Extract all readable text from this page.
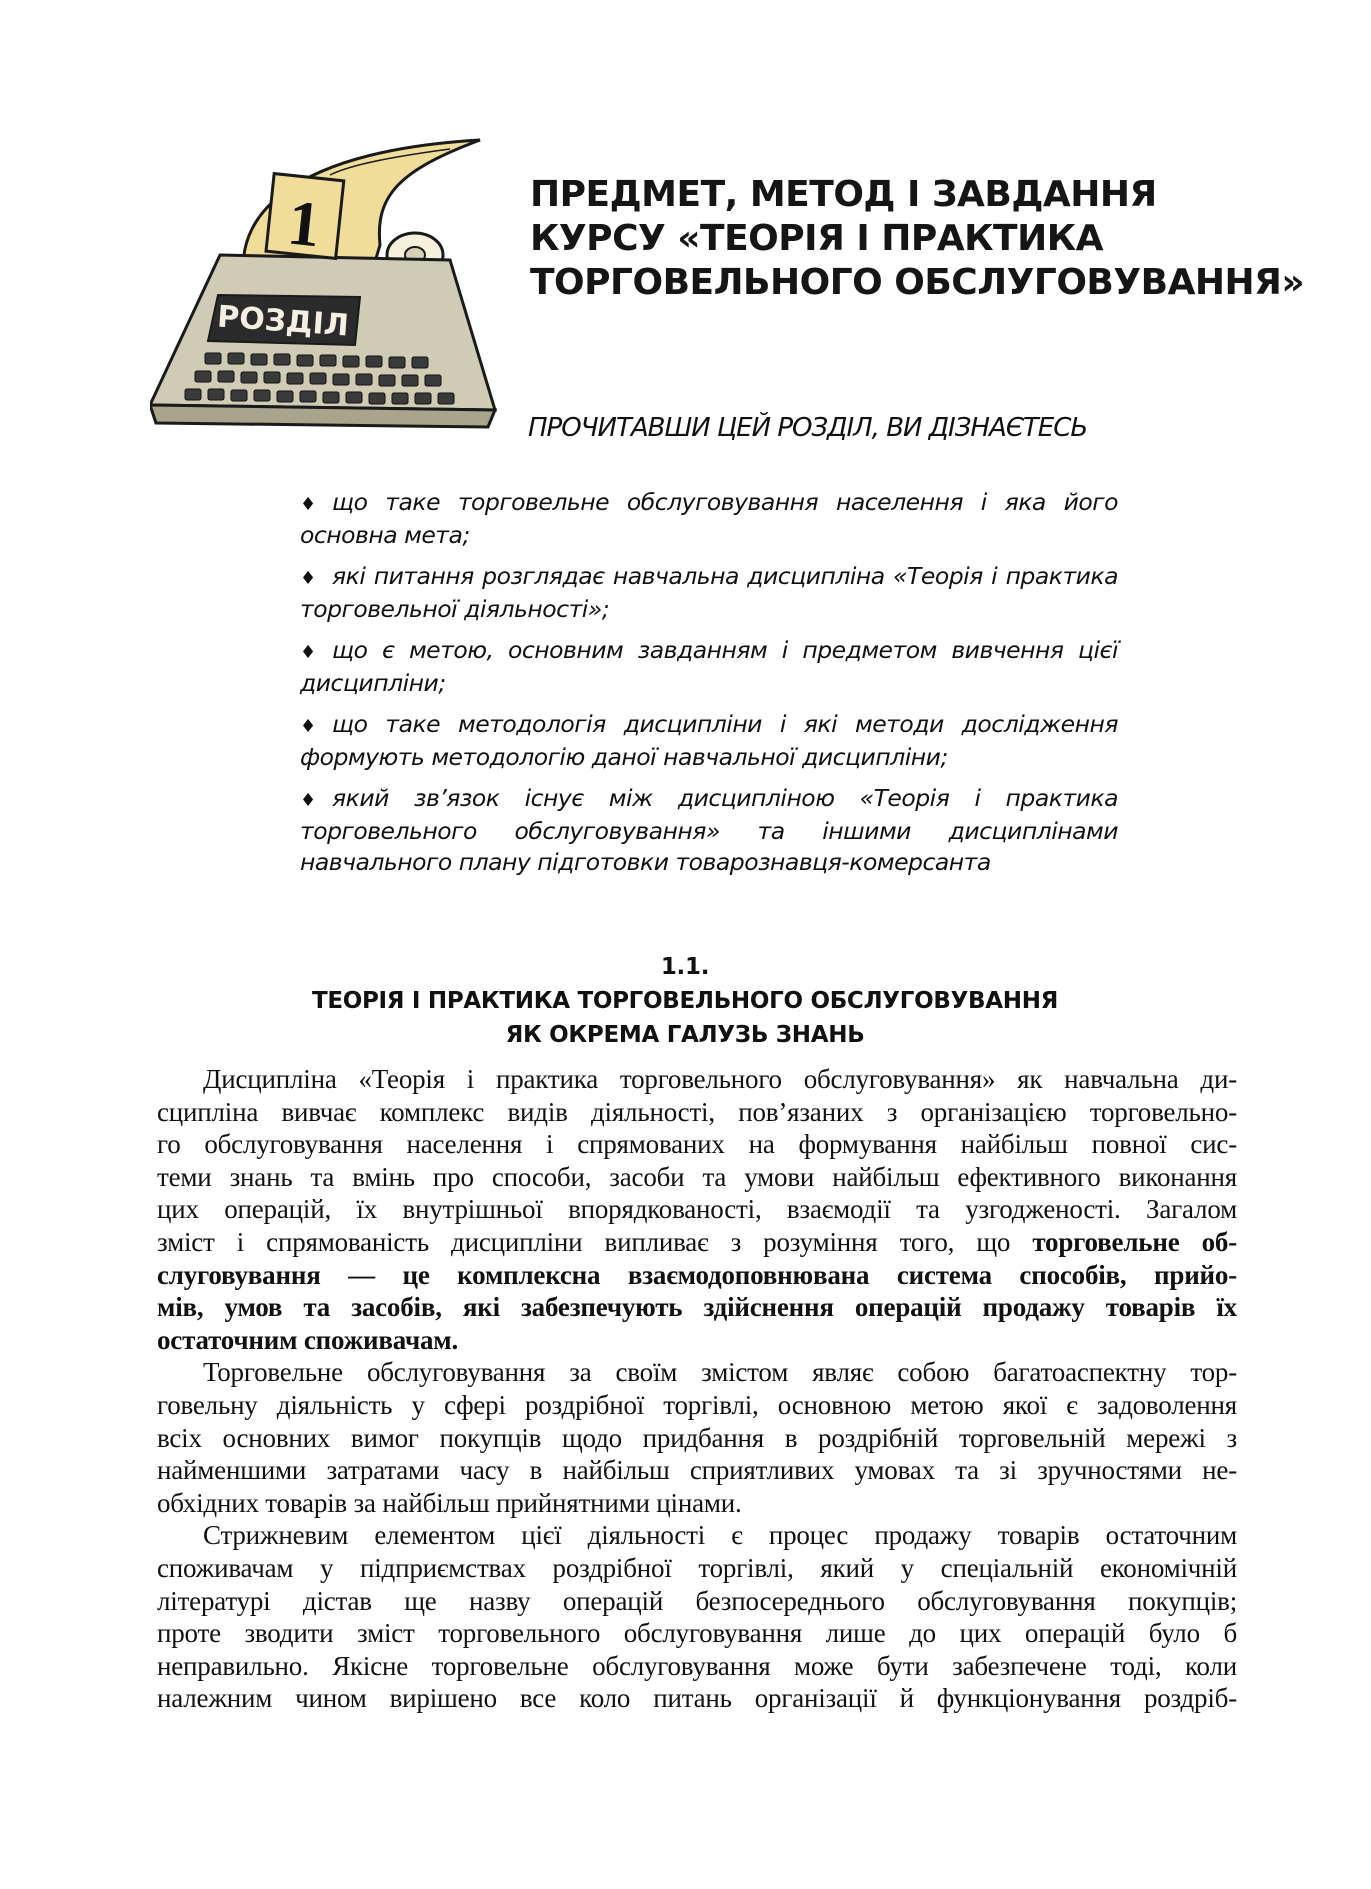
1
РОЗДІЛ
ПРЕДМЕТ, МЕТОД І ЗАВДАННЯ
КУРСУ «ТЕОРІЯ І ПРАКТИКА
ТОРГОВЕЛЬНОГО ОБСЛУГОВУВАННЯ»
ПРОЧИТАВШИ ЦЕЙ РОЗДІЛ, ВИ ДІЗНАЄТЕСЬ
♦ що таке торговельне обслуговування населення і яка його основна мета;
♦ які питання розглядає навчальна дисципліна «Теорія і практика торговельної діяльності»;
♦ що є метою, основним завданням і предметом вивчення цієї дисципліни;
♦ що таке методологія дисципліни і які методи дослідження формують методологію даної навчальної дисципліни;
♦ який зв’язок існує між дисципліною «Теорія і практика торговельного обслуговування» та іншими дисциплінами навчального плану підготовки товарознавця-комерсанта
1.1.
ТЕОРІЯ І ПРАКТИКА ТОРГОВЕЛЬНОГО ОБСЛУГОВУВАННЯ
ЯК ОКРЕМА ГАЛУЗЬ ЗНАНЬ

Дисципліна «Теорія і практика торговельного обслуговування» як навчальна ди-
сципліна вивчає комплекс видів діяльності, пов’язаних з організацією торговельно-
го обслуговування населення і спрямованих на формування найбільш повної сис-
теми знань та вмінь про способи, засоби та умови найбільш ефективного виконання
цих операцій, їх внутрішньої впорядкованості, взаємодії та узгодженості. Загалом
зміст і спрямованість дисципліни випливає з розуміння того, що торговельне об-
слуговування — це комплексна взаємодоповнювана система способів, прийо-
мів, умов та засобів, які забезпечують здійснення операцій продажу товарів їх
остаточним споживачам.

Торговельне обслуговування за своїм змістом являє собою багатоаспектну тор-
говельну діяльність у сфері роздрібної торгівлі, основною метою якої є задоволення
всіх основних вимог покупців щодо придбання в роздрібній торговельній мережі з
найменшими затратами часу в найбільш сприятливих умовах та зі зручностями не-
обхідних товарів за найбільш прийнятними цінами.

Стрижневим елементом цієї діяльності є процес продажу товарів остаточним
споживачам у підприємствах роздрібної торгівлі, який у спеціальній економічній
літературі дістав ще назву операцій безпосереднього обслуговування покупців;
проте зводити зміст торговельного обслуговування лише до цих операцій було б
неправильно. Якісне торговельне обслуговування може бути забезпечене тоді, коли
належним чином вирішено все коло питань організації й функціонування роздріб-
